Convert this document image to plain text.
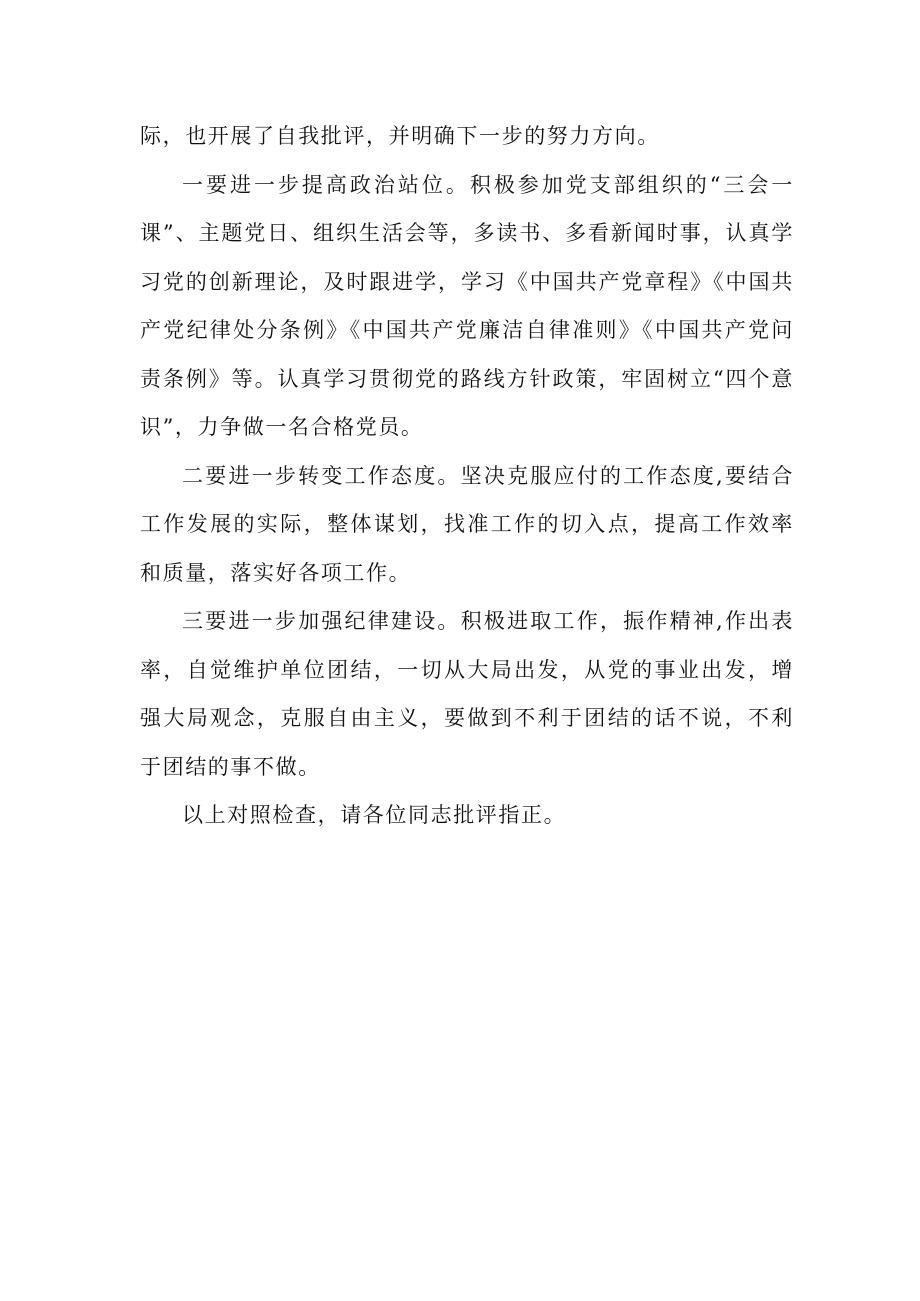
际，也开展了自我批评，并明确下一步的努力方向。

一要进一步提高政治站位。积极参加党支部组织的“三会一课”、主题党日、组织生活会等，多读书、多看新闻时事，认真学习党的创新理论，及时跟进学，学习《中国共产党章程》《中国共产党纪律处分条例》《中国共产党廉洁自律准则》《中国共产党问责条例》等。认真学习贯彻党的路线方针政策，牢固树立“四个意识”，力争做一名合格党员。

二要进一步转变工作态度。坚决克服应付的工作态度,要结合工作发展的实际，整体谋划，找准工作的切入点，提高工作效率和质量，落实好各项工作。

三要进一步加强纪律建设。积极进取工作，振作精神,作出表率，自觉维护单位团结，一切从大局出发，从党的事业出发，增强大局观念，克服自由主义，要做到不利于团结的话不说，不利于团结的事不做。

以上对照检查，请各位同志批评指正。
